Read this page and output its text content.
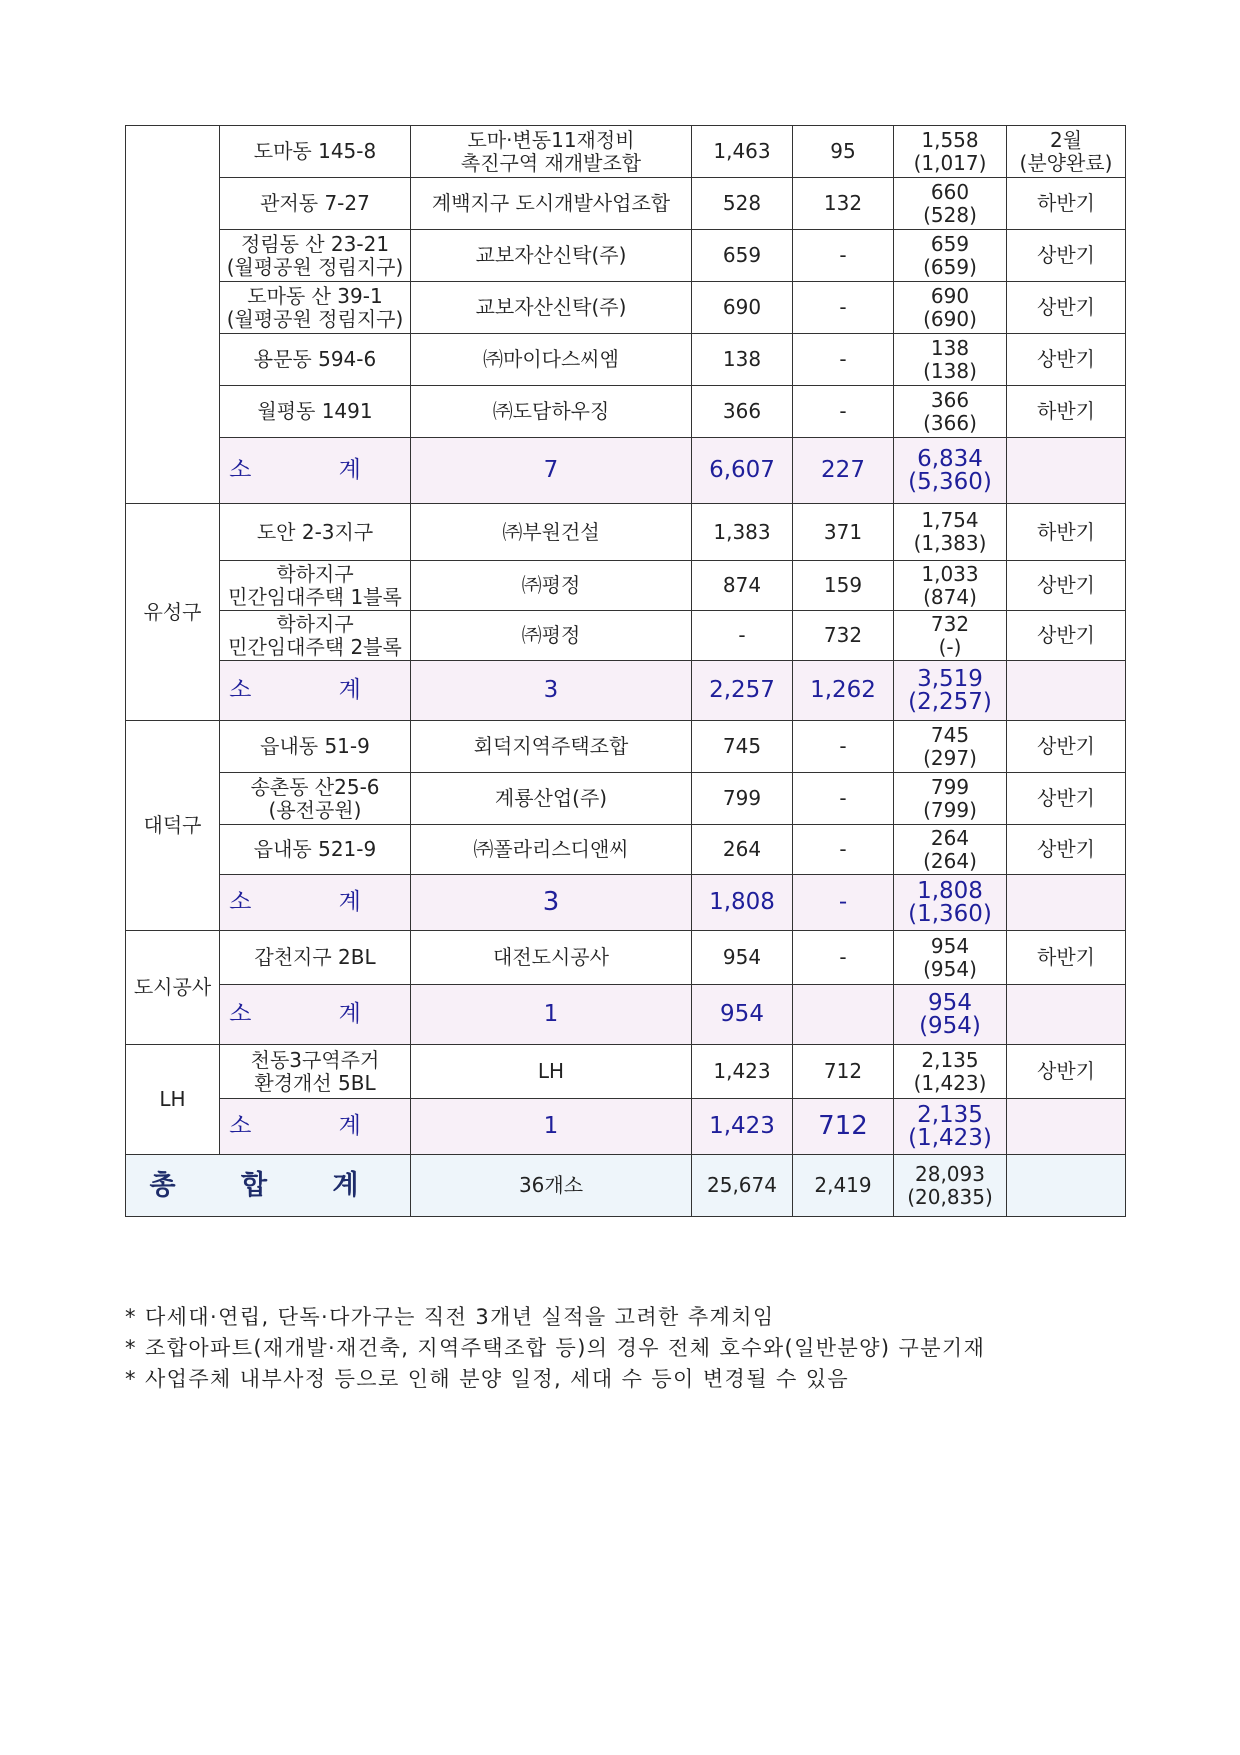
	도마동 145-8	도마·변동11재정비
촉진구역 재개발조합	1,463	95	1,558
(1,017)	2월
(분양완료)

	관저동 7-27	계백지구 도시개발사업조합	528	132	660
(528)	하반기

	정림동 산 23-21
(월평공원 정림지구)	교보자산신탁(주)	659	-	659
(659)	상반기

	도마동 산 39-1
(월평공원 정림지구)	교보자산신탁(주)	690	-	690
(690)	상반기

	용문동 594-6	㈜마이다스씨엠	138	-	138
(138)	상반기

	월평동 1491	㈜도담하우징	366	-	366
(366)	하반기

	소 계	7	6,607	227	6,834
(5,360)	

유성구	도안 2-3지구	㈜부원건설	1,383	371	1,754
(1,383)	하반기

	학하지구
민간임대주택 1블록	㈜평정	874	159	1,033
(874)	상반기

	학하지구
민간임대주택 2블록	㈜평정	-	732	732
(-)	상반기

	소 계	3	2,257	1,262	3,519
(2,257)	

대덕구	읍내동 51-9	회덕지역주택조합	745	-	745
(297)	상반기

	송촌동 산25-6
(용전공원)	계룡산업(주)	799	-	799
(799)	상반기

	읍내동 521-9	㈜폴라리스디앤씨	264	-	264
(264)	상반기

	소 계	3	1,808	-	1,808
(1,360)	

도시공사	갑천지구 2BL	대전도시공사	954	-	954
(954)	하반기

	소 계	1	954		954
(954)	

LH	천동3구역주거
환경개선 5BL	LH	1,423	712	2,135
(1,423)	상반기

	소 계	1	1,423	712	2,135
(1,423)	

총 합 계		36개소	25,674	2,419	28,093
(20,835)	

* 다세대·연립, 단독·다가구는 직전 3개년 실적을 고려한 추계치임
* 조합아파트(재개발·재건축, 지역주택조합 등)의 경우 전체 호수와(일반분양) 구분기재
* 사업주체 내부사정 등으로 인해 분양 일정, 세대 수 등이 변경될 수 있음
